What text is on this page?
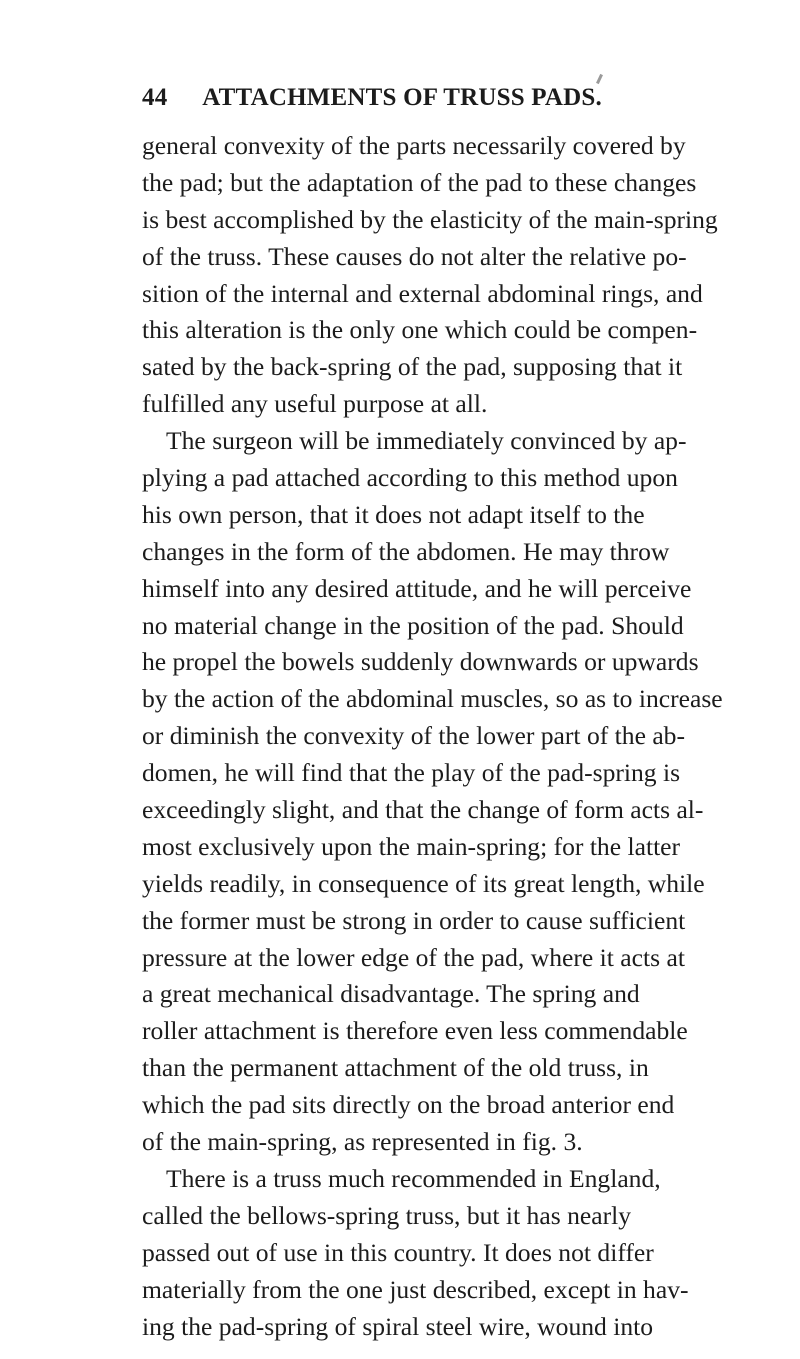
44 ATTACHMENTS OF TRUSS PADS.
general convexity of the parts necessarily covered by
the pad; but the adaptation of the pad to these changes
is best accomplished by the elasticity of the main-spring
of the truss. These causes do not alter the relative po-
sition of the internal and external abdominal rings, and
this alteration is the only one which could be compen-
sated by the back-spring of the pad, supposing that it
fulfilled any useful purpose at all.
The surgeon will be immediately convinced by ap-
plying a pad attached according to this method upon
his own person, that it does not adapt itself to the
changes in the form of the abdomen. He may throw
himself into any desired attitude, and he will perceive
no material change in the position of the pad. Should
he propel the bowels suddenly downwards or upwards
by the action of the abdominal muscles, so as to increase
or diminish the convexity of the lower part of the ab-
domen, he will find that the play of the pad-spring is
exceedingly slight, and that the change of form acts al-
most exclusively upon the main-spring; for the latter
yields readily, in consequence of its great length, while
the former must be strong in order to cause sufficient
pressure at the lower edge of the pad, where it acts at
a great mechanical disadvantage. The spring and
roller attachment is therefore even less commendable
than the permanent attachment of the old truss, in
which the pad sits directly on the broad anterior end
of the main-spring, as represented in fig. 3.
There is a truss much recommended in England,
called the bellows-spring truss, but it has nearly
passed out of use in this country. It does not differ
materially from the one just described, except in hav-
ing the pad-spring of spiral steel wire, wound into
